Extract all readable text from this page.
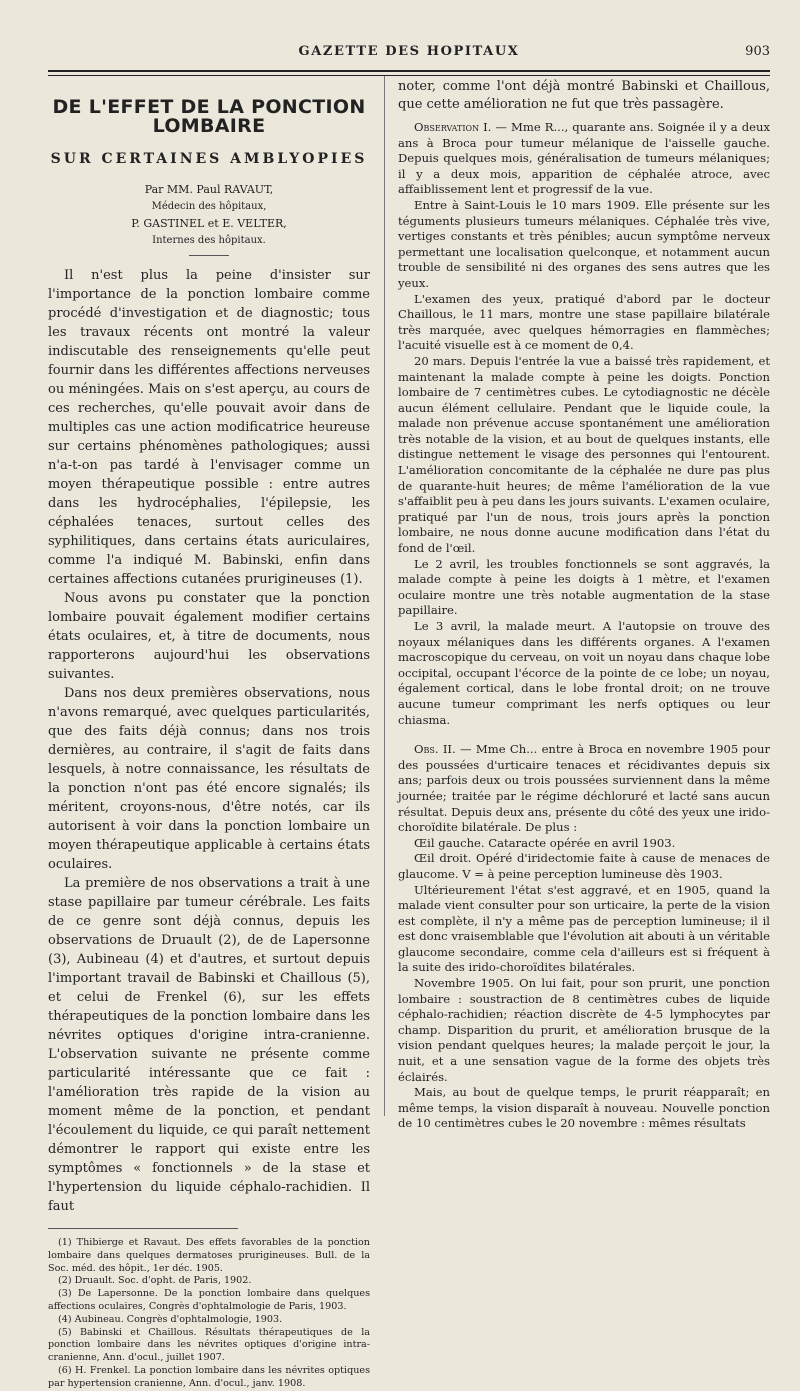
GAZETTE DES HOPITAUX	903
DE L'EFFET DE LA PONCTION LOMBAIRE
SUR CERTAINES AMBLYOPIES
Par MM. Paul RAVAUT,
Médecin des hôpitaux,
P. GASTINEL et E. VELTER,
Internes des hôpitaux.

Il n'est plus la peine d'insister sur l'importance de la ponction lombaire comme procédé d'investigation et de diagnostic; tous les travaux récents ont montré la valeur indiscutable des renseignements qu'elle peut fournir dans les différentes affections nerveuses ou méningées. Mais on s'est aperçu, au cours de ces recherches, qu'elle pouvait avoir dans de multiples cas une action modificatrice heureuse sur certains phénomènes pathologiques; aussi n'a-t-on pas tardé à l'envisager comme un moyen thérapeutique possible : entre autres dans les hydrocéphalies, l'épilepsie, les céphalées tenaces, surtout celles des syphilitiques, dans certains états auriculaires, comme l'a indiqué M. Babinski, enfin dans certaines affections cutanées prurigineuses (1).

Nous avons pu constater que la ponction lombaire pouvait également modifier certains états oculaires, et, à titre de documents, nous rapporterons aujourd'hui les observations suivantes.

Dans nos deux premières observations, nous n'avons remarqué, avec quelques particularités, que des faits déjà connus; dans nos trois dernières, au contraire, il s'agit de faits dans lesquels, à notre connaissance, les résultats de la ponction n'ont pas été encore signalés; ils méritent, croyons-nous, d'être notés, car ils autorisent à voir dans la ponction lombaire un moyen thérapeutique applicable à certains états oculaires.

La première de nos observations a trait à une stase papillaire par tumeur cérébrale. Les faits de ce genre sont déjà connus, depuis les observations de Druault (2), de de Lapersonne (3), Aubineau (4) et d'autres, et surtout depuis l'important travail de Babinski et Chaillous (5), et celui de Frenkel (6), sur les effets thérapeutiques de la ponction lombaire dans les névrites optiques d'origine intra-cranienne. L'observation suivante ne présente comme particularité intéressante que ce fait : l'amélioration très rapide de la vision au moment même de la ponction, et pendant l'écoulement du liquide, ce qui paraît nettement démontrer le rapport qui existe entre les symptômes « fonctionnels » de la stase et l'hypertension du liquide céphalo-rachidien. Il faut

(1) Thibierge et Ravaut. Des effets favorables de la ponction lombaire dans quelques dermatoses prurigineuses. Bull. de la Soc. méd. des hôpit., 1er déc. 1905.

(2) Druault. Soc. d'opht. de Paris, 1902.

(3) De Lapersonne. De la ponction lombaire dans quelques affections oculaires, Congrès d'ophtalmologie de Paris, 1903.

(4) Aubineau. Congrès d'ophtalmologie, 1903.

(5) Babinski et Chaillous. Résultats thérapeutiques de la ponction lombaire dans les névrites optiques d'origine intra-cranienne, Ann. d'ocul., juillet 1907.

(6) H. Frenkel. La ponction lombaire dans les névrites optiques par hypertension cranienne, Ann. d'ocul., janv. 1908.

noter, comme l'ont déjà montré Babinski et Chaillous, que cette amélioration ne fut que très passagère.

Observation I. — Mme R..., quarante ans. Soignée il y a deux ans à Broca pour tumeur mélanique de l'aisselle gauche. Depuis quelques mois, généralisation de tumeurs mélaniques; il y a deux mois, apparition de céphalée atroce, avec affaiblissement lent et progressif de la vue.

Entre à Saint-Louis le 10 mars 1909. Elle présente sur les téguments plusieurs tumeurs mélaniques. Céphalée très vive, vertiges constants et très pénibles; aucun symptôme nerveux permettant une localisation quelconque, et notamment aucun trouble de sensibilité ni des organes des sens autres que les yeux.

L'examen des yeux, pratiqué d'abord par le docteur Chaillous, le 11 mars, montre une stase papillaire bilatérale très marquée, avec quelques hémorragies en flammèches; l'acuité visuelle est à ce moment de 0,4.

20 mars. Depuis l'entrée la vue a baissé très rapidement, et maintenant la malade compte à peine les doigts. Ponction lombaire de 7 centimètres cubes. Le cytodiagnostic ne décèle aucun élément cellulaire. Pendant que le liquide coule, la malade non prévenue accuse spontanément une amélioration très notable de la vision, et au bout de quelques instants, elle distingue nettement le visage des personnes qui l'entourent. L'amélioration concomitante de la céphalée ne dure pas plus de quarante-huit heures; de même l'amélioration de la vue s'affaiblit peu à peu dans les jours suivants. L'examen oculaire, pratiqué par l'un de nous, trois jours après la ponction lombaire, ne nous donne aucune modification dans l'état du fond de l'œil.

Le 2 avril, les troubles fonctionnels se sont aggravés, la malade compte à peine les doigts à 1 mètre, et l'examen oculaire montre une très notable augmentation de la stase papillaire.

Le 3 avril, la malade meurt. A l'autopsie on trouve des noyaux mélaniques dans les différents organes. A l'examen macroscopique du cerveau, on voit un noyau dans chaque lobe occipital, occupant l'écorce de la pointe de ce lobe; un noyau, également cortical, dans le lobe frontal droit; on ne trouve aucune tumeur comprimant les nerfs optiques ou leur chiasma.

Obs. II. — Mme Ch... entre à Broca en novembre 1905 pour des poussées d'urticaire tenaces et récidivantes depuis six ans; parfois deux ou trois poussées surviennent dans la même journée; traitée par le régime déchloruré et lacté sans aucun résultat. Depuis deux ans, présente du côté des yeux une irido-choroïdite bilatérale. De plus :

Œil gauche. Cataracte opérée en avril 1903.

Œil droit. Opéré d'iridectomie faite à cause de menaces de glaucome. V = à peine perception lumineuse dès 1903.

Ultérieurement l'état s'est aggravé, et en 1905, quand la malade vient consulter pour son urticaire, la perte de la vision est complète, il n'y a même pas de perception lumineuse; il il est donc vraisemblable que l'évolution ait abouti à un véritable glaucome secondaire, comme cela d'ailleurs est si fréquent à la suite des irido-choroïdites bilatérales.

Novembre 1905. On lui fait, pour son prurit, une ponction lombaire : soustraction de 8 centimètres cubes de liquide céphalo-rachidien; réaction discrète de 4-5 lymphocytes par champ. Disparition du prurit, et amélioration brusque de la vision pendant quelques heures; la malade perçoit le jour, la nuit, et a une sensation vague de la forme des objets très éclairés.

Mais, au bout de quelque temps, le prurit réapparaît; en même temps, la vision disparaît à nouveau. Nouvelle ponction de 10 centimètres cubes le 20 novembre : mêmes résultats
